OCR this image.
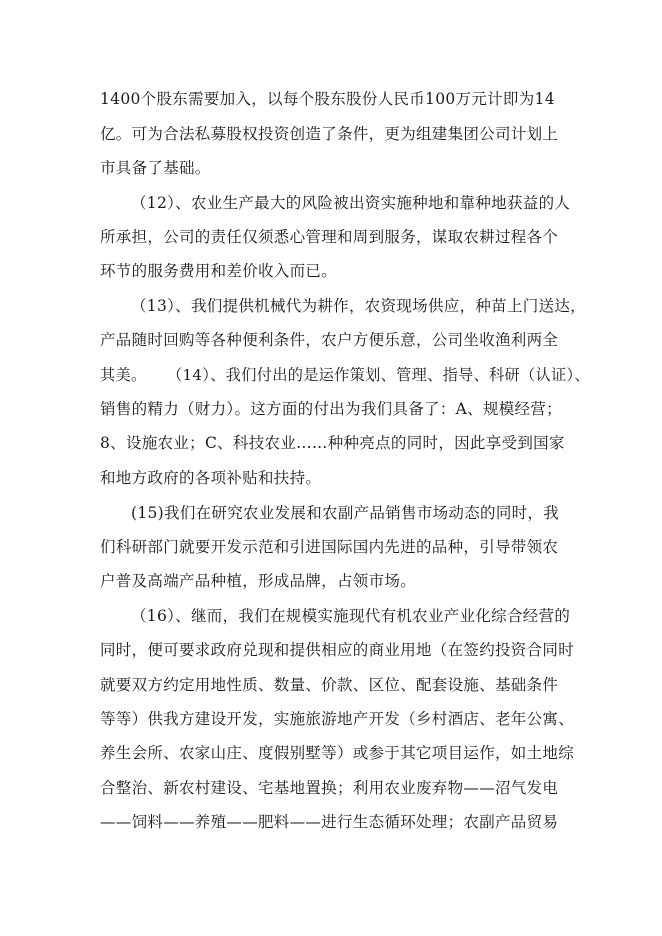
1400个股东需要加入，以每个股东股份人民币100万元计即为14
亿。可为合法私募股权投资创造了条件，更为组建集团公司计划上
市具备了基础。
（12）、农业生产最大的风险被出资实施种地和靠种地获益的人
所承担，公司的责任仅须悉心管理和周到服务，谋取农耕过程各个
环节的服务费用和差价收入而已。
（13）、我们提供机械代为耕作，农资现场供应，种苗上门送达，
产品随时回购等各种便利条件，农户方便乐意，公司坐收渔利两全
其美。    （14）、我们付出的是运作策划、管理、指导、科研（认证）、
销售的精力（财力）。这方面的付出为我们具备了：A、规模经营；
8、设施农业；C、科技农业……种种亮点的同时，因此享受到国家
和地方政府的各项补贴和扶持。
(15)我们在研究农业发展和农副产品销售市场动态的同时，我
们科研部门就要开发示范和引进国际国内先进的品种，引导带领农
户普及高端产品种植，形成品牌，占领市场。
（16）、继而，我们在规模实施现代有机农业产业化综合经营的
同时，便可要求政府兑现和提供相应的商业用地（在签约投资合同时
就要双方约定用地性质、数量、价款、区位、配套设施、基础条件
等等）供我方建设开发，实施旅游地产开发（乡村酒店、老年公寓、
养生会所、农家山庄、度假别墅等）或参于其它项目运作，如土地综
合整治、新农村建设、宅基地置换；利用农业废弃物——沼气发电
——饲料——养殖——肥料——进行生态循环处理；农副产品贸易
